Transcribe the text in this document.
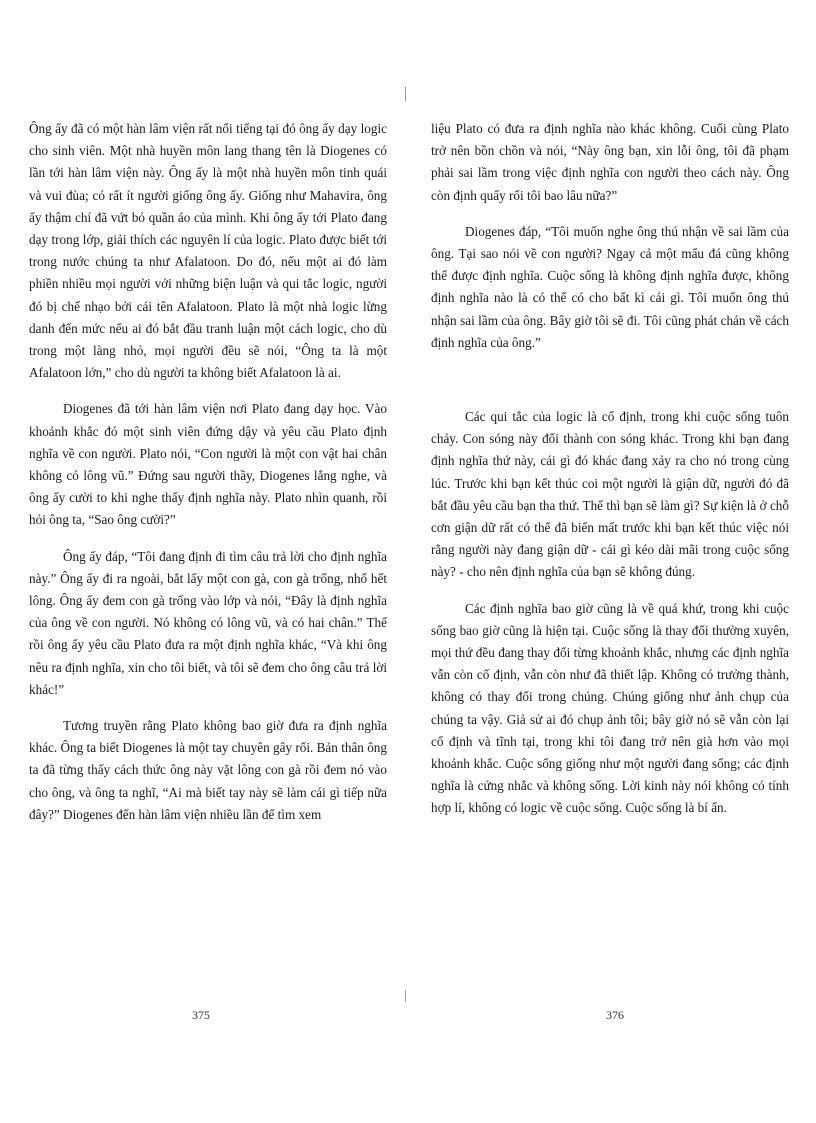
Ông ấy đã có một hàn lâm viện rất nổi tiếng tại đó ông ấy dạy logic cho sinh viên. Một nhà huyền môn lang thang tên là Diogenes có lần tới hàn lâm viện này. Ông ấy là một nhà huyền môn tinh quái và vui đùa; có rất ít người giống ông ấy. Giống như Mahavira, ông ấy thậm chí đã vứt bỏ quần áo của mình. Khi ông ấy tới Plato đang dạy trong lớp, giải thích các nguyên lí của logic. Plato được biết tới trong nước chúng ta như Afalatoon. Do đó, nếu một ai đó làm phiền nhiều mọi người với những biện luận và qui tắc logic, người đó bị chế nhạo bởi cái tên Afalatoon. Plato là một nhà logic lừng danh đến mức nếu ai đó bắt đầu tranh luận một cách logic, cho dù trong một làng nhỏ, mọi người đều sẽ nói, “Ông ta là một Afalatoon lớn,” cho dù người ta không biết Afalatoon là ai.

Diogenes đã tới hàn lâm viện nơi Plato đang dạy học. Vào khoảnh khắc đó một sinh viên đứng dậy và yêu cầu Plato định nghĩa về con người. Plato nói, “Con người là một con vật hai chân không có lông vũ.” Đứng sau người thầy, Diogenes lắng nghe, và ông ấy cười to khi nghe thấy định nghĩa này. Plato nhìn quanh, rồi hỏi ông ta, “Sao ông cười?”

Ông ấy đáp, “Tôi đang định đi tìm câu trả lời cho định nghĩa này.” Ông ấy đi ra ngoài, bắt lấy một con gà, con gà trống, nhổ hết lông. Ông ấy đem con gà trống vào lớp và nói, “Đây là định nghĩa của ông về con người. Nó không có lông vũ, và có hai chân.” Thế rồi ông ấy yêu cầu Plato đưa ra một định nghĩa khác, “Và khi ông nêu ra định nghĩa, xin cho tôi biết, và tôi sẽ đem cho ông câu trả lời khác!”

Tương truyền rằng Plato không bao giờ đưa ra định nghĩa khác. Ông ta biết Diogenes là một tay chuyên gây rối. Bản thân ông ta đã từng thấy cách thức ông này vặt lông con gà rồi đem nó vào cho ông, và ông ta nghĩ, “Ai mà biết tay này sẽ làm cái gì tiếp nữa đây?” Diogenes đến hàn lâm viện nhiều lần để tìm xem

liệu Plato có đưa ra định nghĩa nào khác không. Cuối cùng Plato trở nên bồn chồn và nói, “Này ông bạn, xin lỗi ông, tôi đã phạm phải sai lầm trong việc định nghĩa con người theo cách này. Ông còn định quấy rối tôi bao lâu nữa?”

Diogenes đáp, “Tôi muốn nghe ông thú nhận về sai lầm của ông. Tại sao nói về con người? Ngay cả một mẩu đá cũng không thể được định nghĩa. Cuộc sống là không định nghĩa được, không định nghĩa nào là có thể có cho bất kì cái gì. Tôi muốn ông thú nhận sai lầm của ông. Bây giờ tôi sẽ đi. Tôi cũng phát chán về cách định nghĩa của ông.”

Các qui tắc của logic là cố định, trong khi cuộc sống tuôn chảy. Con sóng này đổi thành con sóng khác. Trong khi bạn đang định nghĩa thứ này, cái gì đó khác đang xảy ra cho nó trong cùng lúc. Trước khi bạn kết thúc coi một người là giận dữ, người đó đã bắt đầu yêu cầu bạn tha thứ. Thế thì bạn sẽ làm gì? Sự kiện là ở chỗ cơn giận dữ rất có thể đã biến mất trước khi bạn kết thúc việc nói rằng người này đang giận dữ - cái gì kéo dài mãi trong cuộc sống này? - cho nên định nghĩa của bạn sẽ không đúng.

Các định nghĩa bao giờ cũng là về quá khứ, trong khi cuộc sống bao giờ cũng là hiện tại. Cuộc sống là thay đổi thường xuyên, mọi thứ đều đang thay đổi từng khoảnh khắc, nhưng các định nghĩa vẫn còn cố định, vẫn còn như đã thiết lập. Không có trưởng thành, không có thay đổi trong chúng. Chúng giống như ảnh chụp của chúng ta vậy. Giả sử ai đó chụp ảnh tôi; bây giờ nó sẽ vẫn còn lại cố định và tĩnh tại, trong khi tôi đang trở nên già hơn vào mọi khoảnh khắc. Cuộc sống giống như một người đang sống; các định nghĩa là cứng nhắc và không sống. Lời kinh này nói không có tính hợp lí, không có logic về cuộc sống. Cuộc sống là bí ẩn.

375	376
